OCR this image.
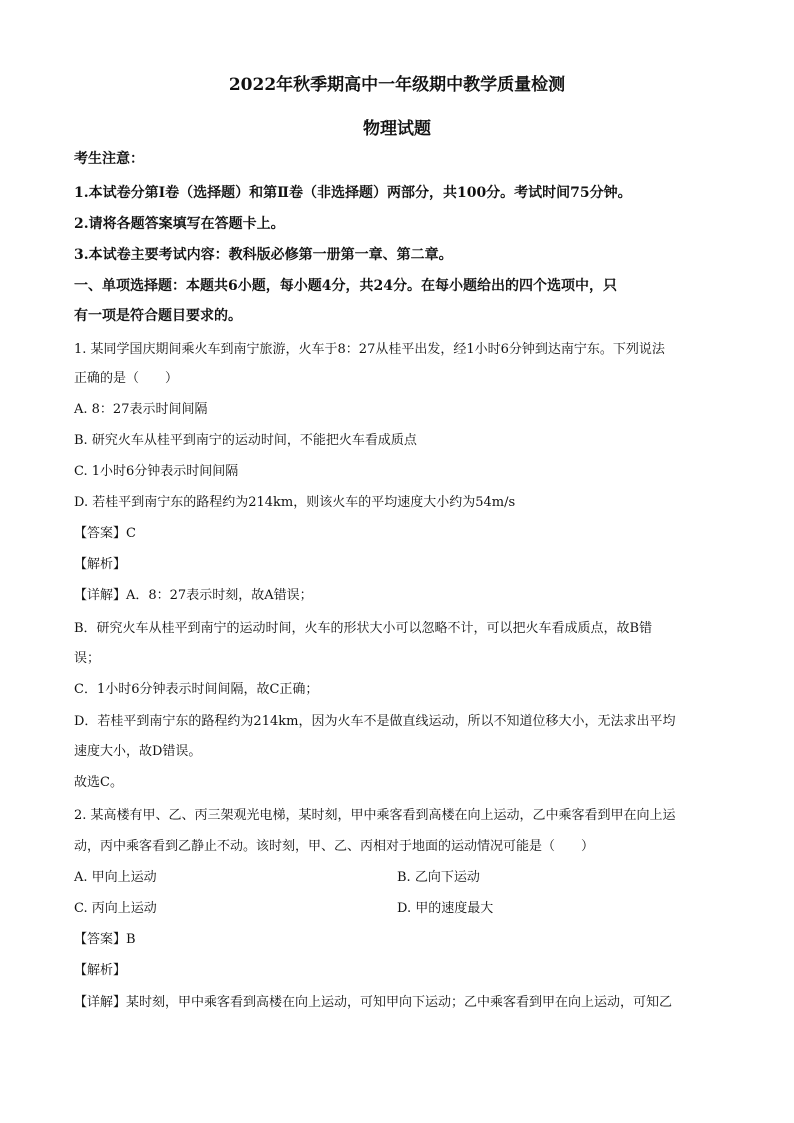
2022年秋季期高中一年级期中教学质量检测
物理试题
考生注意：
1.本试卷分第Ⅰ卷（选择题）和第Ⅱ卷（非选择题）两部分，共100分。考试时间75分钟。
2.请将各题答案填写在答题卡上。
3.本试卷主要考试内容：教科版必修第一册第一章、第二章。
一、单项选择题：本题共6小题，每小题4分，共24分。在每小题给出的四个选项中，只
有一项是符合题目要求的。
1. 某同学国庆期间乘火车到南宁旅游，火车于8：27从桂平出发，经1小时6分钟到达南宁东。下列说法
正确的是（　　）
A. 8：27表示时间间隔
B. 研究火车从桂平到南宁的运动时间，不能把火车看成质点
C. 1小时6分钟表示时间间隔
D. 若桂平到南宁东的路程约为214km，则该火车的平均速度大小约为54m/s
【答案】C
【解析】
【详解】A．8：27表示时刻，故A错误；
B．研究火车从桂平到南宁的运动时间，火车的形状大小可以忽略不计，可以把火车看成质点，故B错
误；
C．1小时6分钟表示时间间隔，故C正确；
D．若桂平到南宁东的路程约为214km，因为火车不是做直线运动，所以不知道位移大小，无法求出平均
速度大小，故D错误。
故选C。
2. 某高楼有甲、乙、丙三架观光电梯，某时刻，甲中乘客看到高楼在向上运动，乙中乘客看到甲在向上运
动，丙中乘客看到乙静止不动。该时刻，甲、乙、丙相对于地面的运动情况可能是（　　）
A. 甲向上运动	B. 乙向下运动
C. 丙向上运动	D. 甲的速度最大
【答案】B
【解析】
【详解】某时刻，甲中乘客看到高楼在向上运动，可知甲向下运动；乙中乘客看到甲在向上运动，可知乙
